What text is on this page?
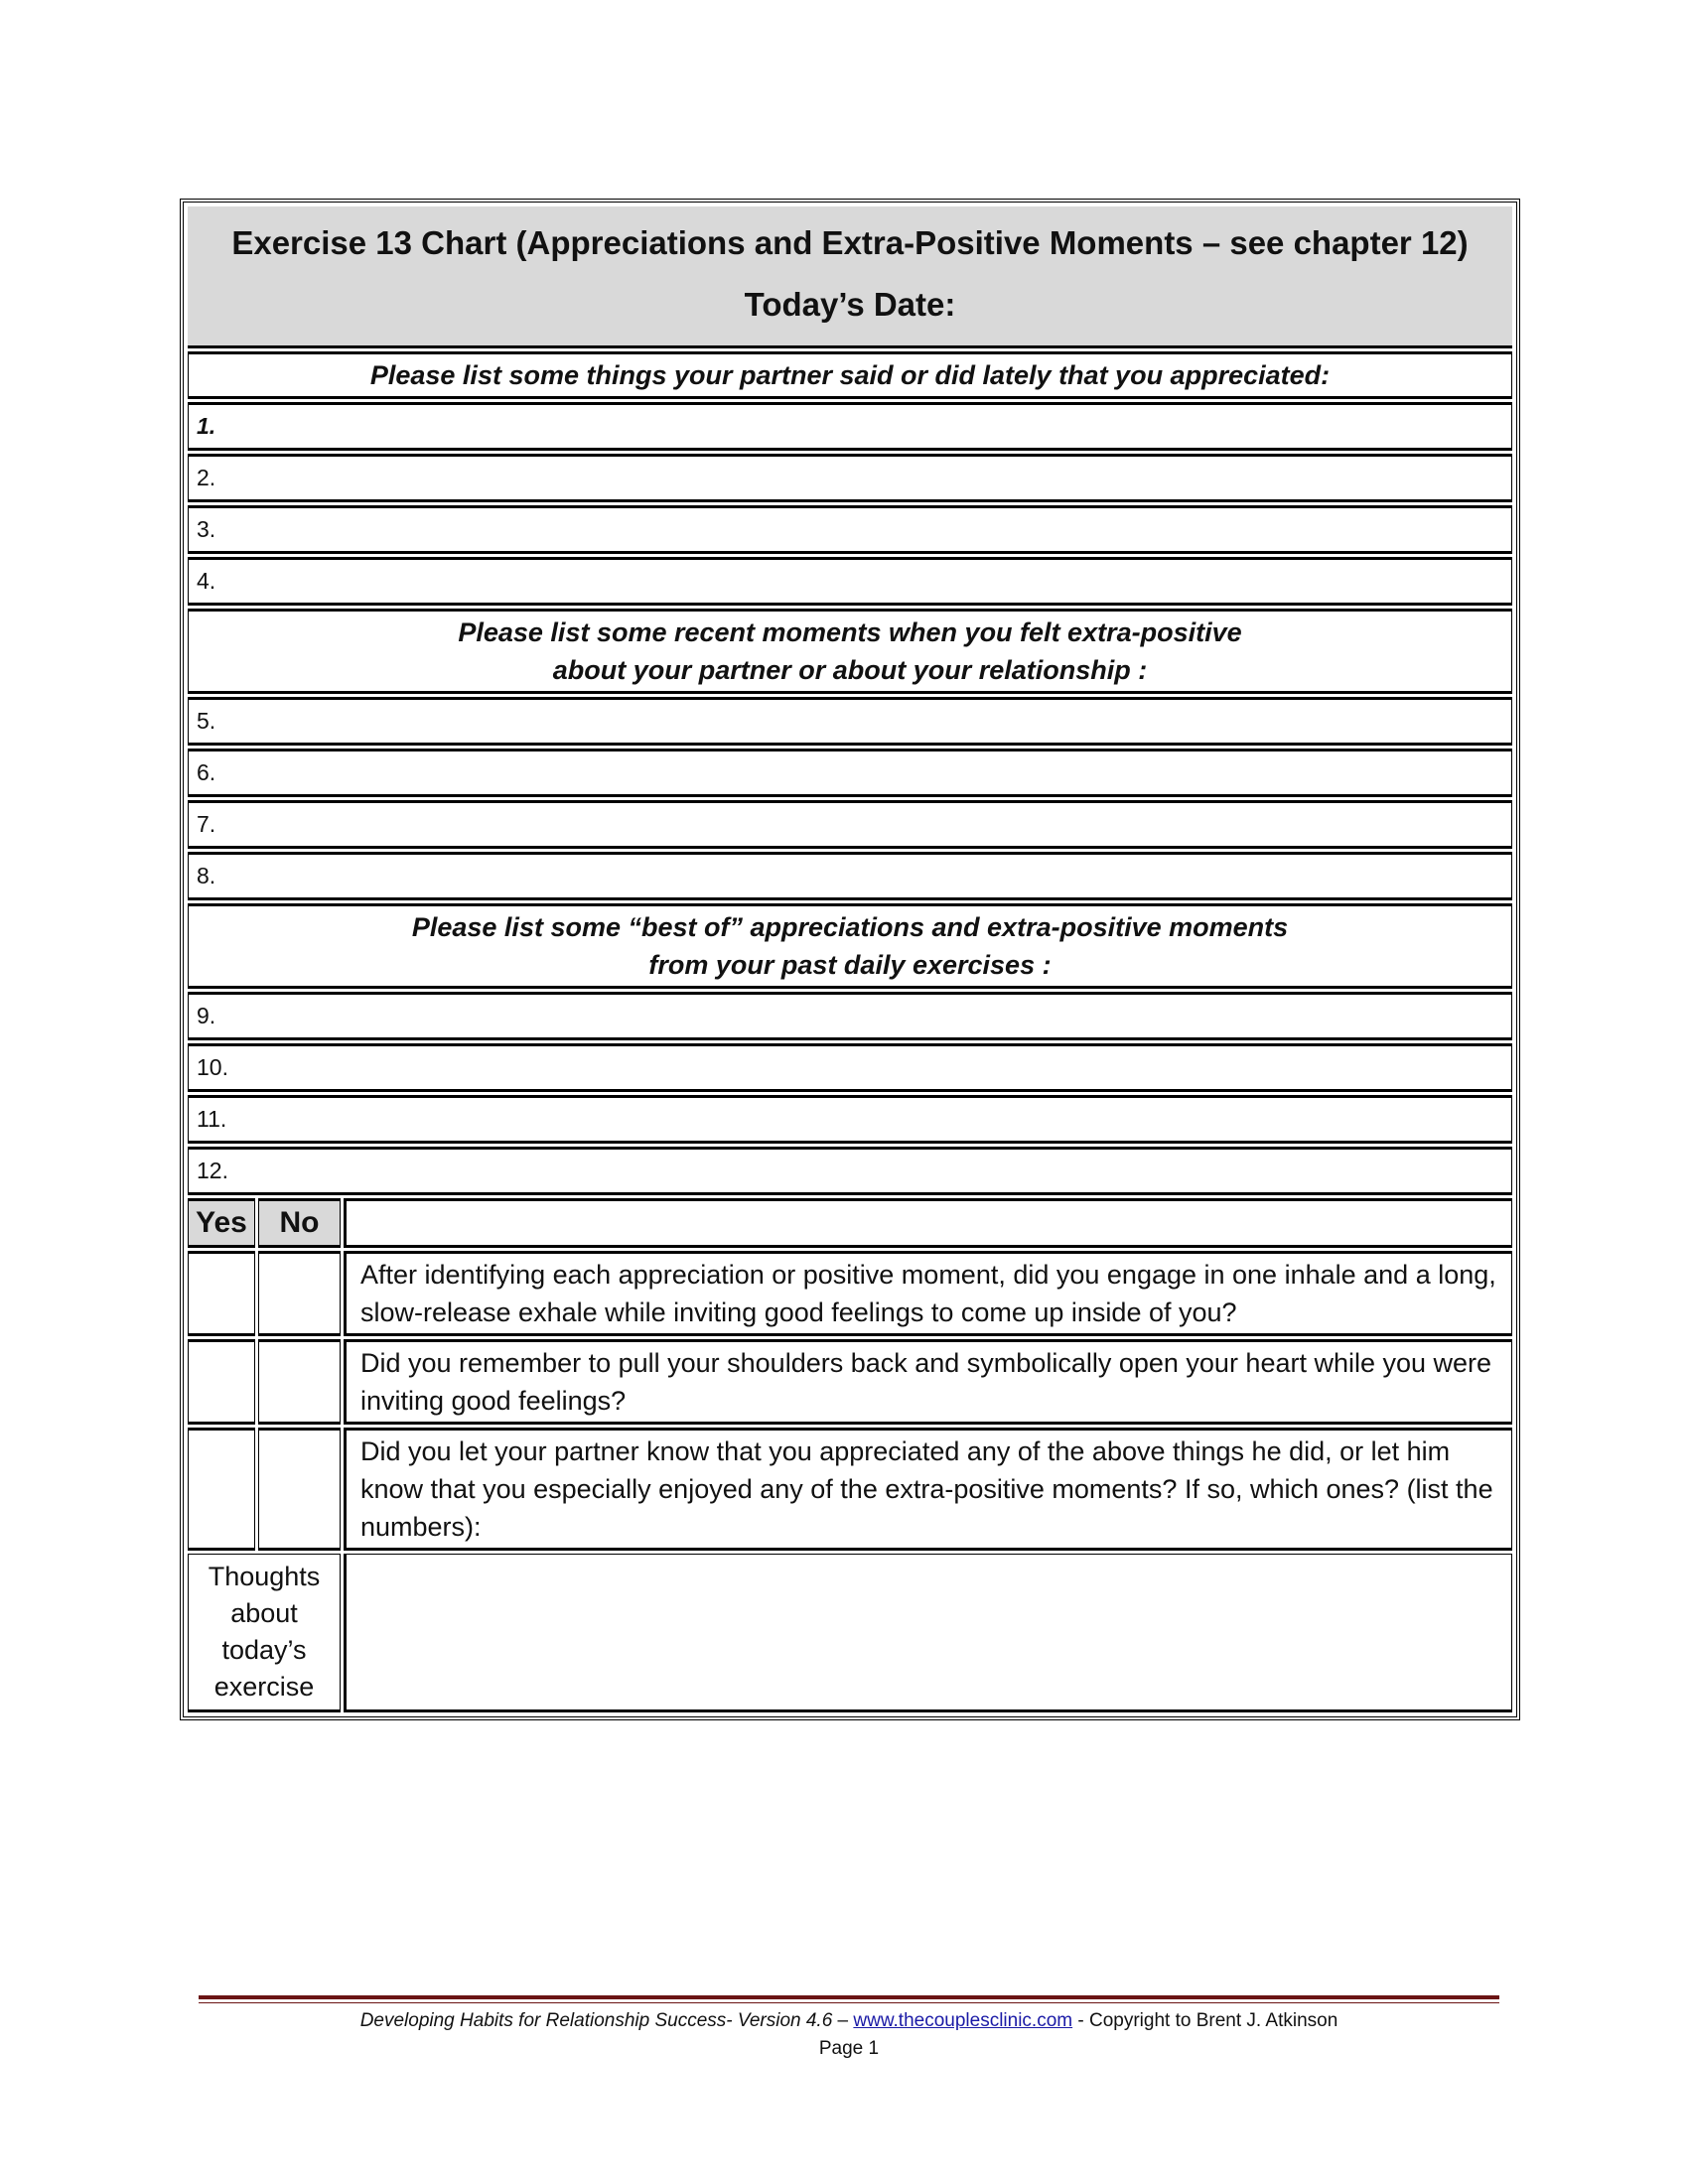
Exercise 13 Chart (Appreciations and Extra-Positive Moments – see chapter 12)
Today’s Date:
Please list some things your partner said or did lately that you appreciated:
1.
2.
3.
4.
Please list some recent moments when you felt extra-positive
about your partner or about your relationship :
5.
6.
7.
8.
Please list some “best of” appreciations and extra-positive moments
from your past daily exercises :
9.
10.
11.
12.
Yes	No
After identifying each appreciation or positive moment, did you engage in one inhale and a long, slow-release exhale while inviting good feelings to come up inside of you?
Did you remember to pull your shoulders back and symbolically open your heart while you were inviting good feelings?
Did you let your partner know that you appreciated any of the above things he did, or let him know that you especially enjoyed any of the extra-positive moments? If so, which ones? (list the numbers):
Thoughts
about
today’s
exercise
Developing Habits for Relationship Success- Version 4.6 – www.thecouplesclinic.com - Copyright to Brent J. Atkinson
Page 1
